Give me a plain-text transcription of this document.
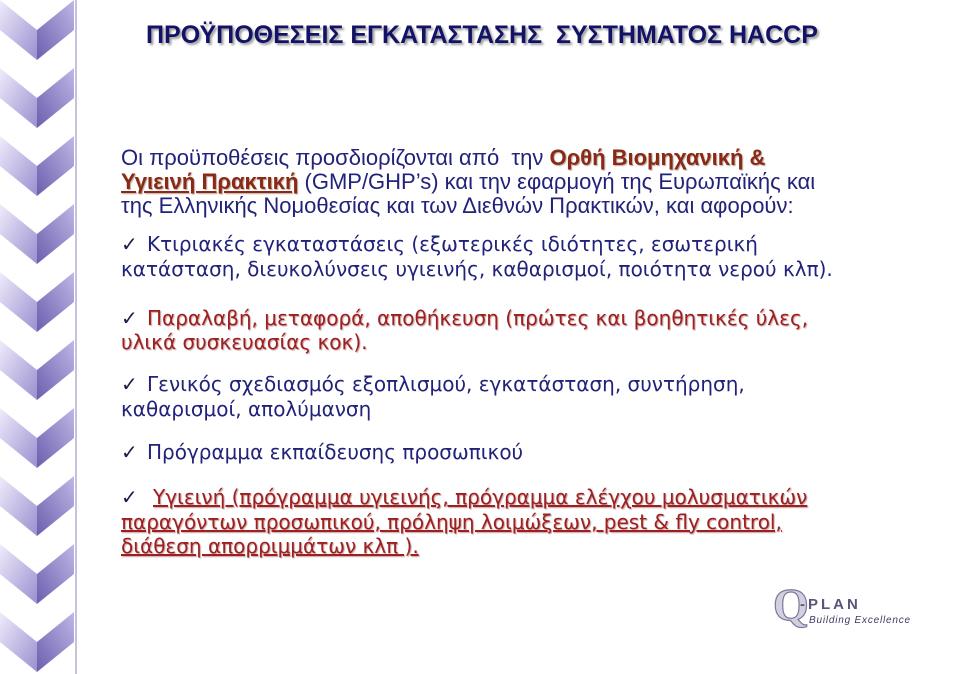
ΠΡΟΫΠΟΘΕΣΕΙΣ ΕΓΚΑΤΑΣΤΑΣΗΣ  ΣΥΣΤΗΜΑΤΟΣ HACCP
Οι προϋποθέσεις προσδιορίζονται από  την Ορθή Βιομηχανική &
Υγιεινή Πρακτική (GMP/GHP’s) και την εφαρμογή της Ευρωπαϊκής και
της Ελληνικής Νομοθεσίας και των Διεθνών Πρακτικών, και αφορούν:
✓ Κτιριακές εγκαταστάσεις (εξωτερικές ιδιότητες, εσωτερική
κατάσταση, διευκολύνσεις υγιεινής, καθαρισμοί, ποιότητα νερού κλπ).
✓ Παραλαβή, μεταφορά, αποθήκευση (πρώτες και βοηθητικές ύλες,
υλικά συσκευασίας κοκ).
✓ Γενικός σχεδιασμός εξοπλισμού, εγκατάσταση, συντήρηση,
καθαρισμοί, απολύμανση
✓ Πρόγραμμα εκπαίδευσης προσωπικού
✓ Υγιεινή (πρόγραμμα υγιεινής, πρόγραμμα ελέγχου μολυσματικών
παραγόντων προσωπικού, πρόληψη λοιμώξεων, pest & fly control,
διάθεση απορριμμάτων κλπ ).
Q
-PLAN
Building Excellence
